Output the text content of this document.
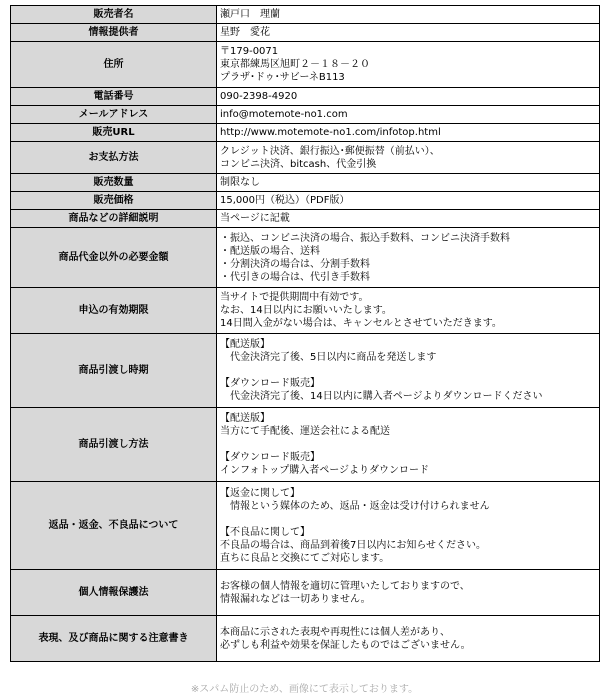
販売者名	瀬戸口　理蘭

情報提供者	星野　愛花

住所	〒179-0071
東京都練馬区旭町２－１８－２０
プラザ･ドゥ･サビーネB113

電話番号	090-2398-4920

メールアドレス	info@motemote-no1.com

販売URL	http://www.motemote-no1.com/infotop.html

お支払方法	クレジット決済、銀行振込･郵便振替（前払い）、
コンビニ決済、bitcash、代金引換

販売数量	制限なし

販売価格	15,000円（税込）（PDF版）

商品などの詳細説明	当ページに記載

商品代金以外の必要金額	・振込、コンビニ決済の場合、振込手数料、コンビニ決済手数料
・配送版の場合、送料
・分割決済の場合は、分割手数料
・代引きの場合は、代引き手数料

申込の有効期限	当サイトで提供期間中有効です。
なお、14日以内にお願いいたします。
14日間入金がない場合は、キャンセルとさせていただきます。

商品引渡し時期	【配送版】
　代金決済完了後、5日以内に商品を発送します

【ダウンロード販売】
　代金決済完了後、14日以内に購入者ページよりダウンロードください

商品引渡し方法	【配送版】
当方にて手配後、運送会社による配送

【ダウンロード販売】
インフォトップ購入者ページよりダウンロード

返品・返金、不良品について	【返金に関して】
　情報という媒体のため、返品・返金は受け付けられません

【不良品に関して】
不良品の場合は、商品到着後7日以内にお知らせください。
直ちに良品と交換にてご対応します。

個人情報保護法	お客様の個人情報を適切に管理いたしておりますので、
情報漏れなどは一切ありません。

表現、及び商品に関する注意書き	本商品に示された表現や再現性には個人差があり、
必ずしも利益や効果を保証したものではございません。
※スパム防止のため、画像にて表示しております。
